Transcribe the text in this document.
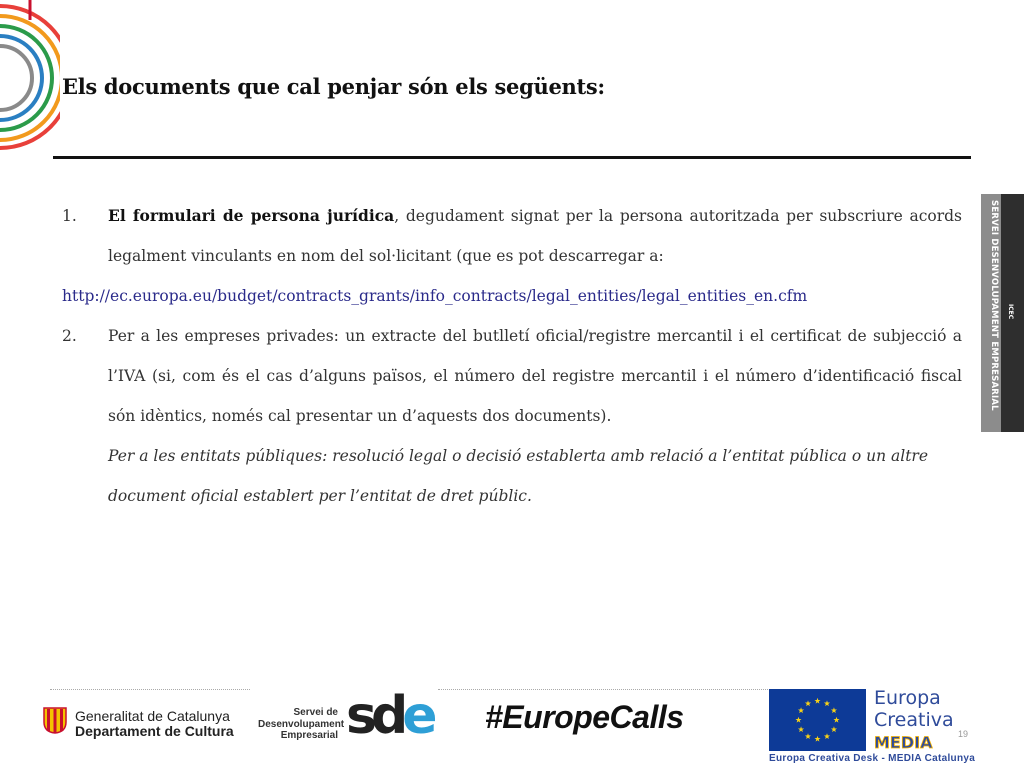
Els documents que cal penjar són els següents:

1. El formulari de persona jurídica, degudament signat per la persona autoritzada per subscriure acords legalment vinculants en nom del sol·licitant (que es pot descarregar a:

http://ec.europa.eu/budget/contracts_grants/info_contracts/legal_entities/legal_entities_en.cfm

2. Per a les empreses privades: un extracte del butlletí oficial/registre mercantil i el certificat de subjecció a l’IVA (si, com és el cas d’alguns països, el número del registre mercantil i el número d’identificació fiscal són idèntics, només cal presentar un d’aquests dos documents).

Per a les entitats públiques: resolució legal o decisió establerta amb relació a l’entitat pública o un altre document oficial establert per l’entitat de dret públic.

SERVEI DESENVOLUPAMENT EMPRESARIAL ICEC
Generalitat de Catalunya
Departament de Cultura
Servei de
Desenvolupament
Empresarial sde #EuropeCalls
Europa
Creativa
MEDIA	19
Europa Creativa Desk - MEDIA Catalunya
